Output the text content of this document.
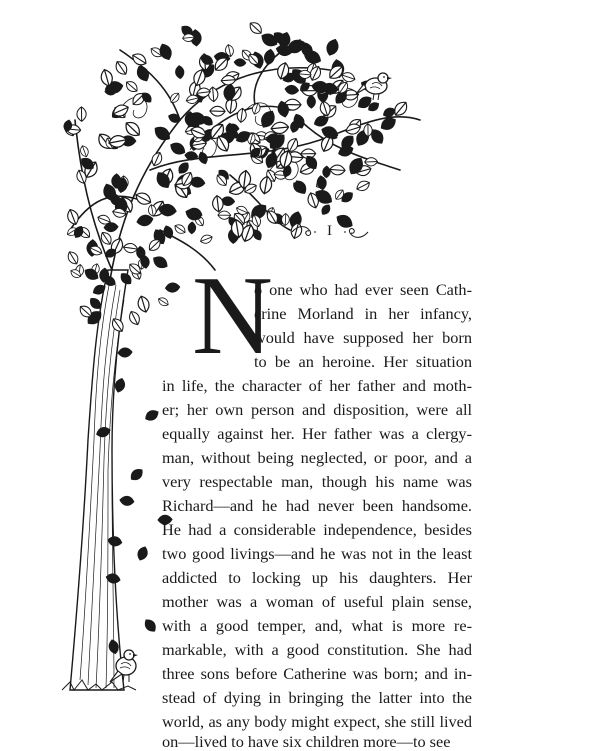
I
N
o one who had ever seen Cath-
erine Morland in her infancy,
would have supposed her born
to be an heroine. Her situation
in life, the character of her father and moth-
er; her own person and disposition, were all
equally against her. Her father was a clergy-
man, without being neglected, or poor, and a
very respectable man, though his name was
Richard—and he had never been handsome.
He had a considerable independence, besides
two good livings—and he was not in the least
addicted to locking up his daughters. Her
mother was a woman of useful plain sense,
with a good temper, and, what is more re-
markable, with a good constitution. She had
three sons before Catherine was born; and in-
stead of dying in bringing the latter into the
world, as any body might expect, she still lived
on—lived to have six children more—to see
